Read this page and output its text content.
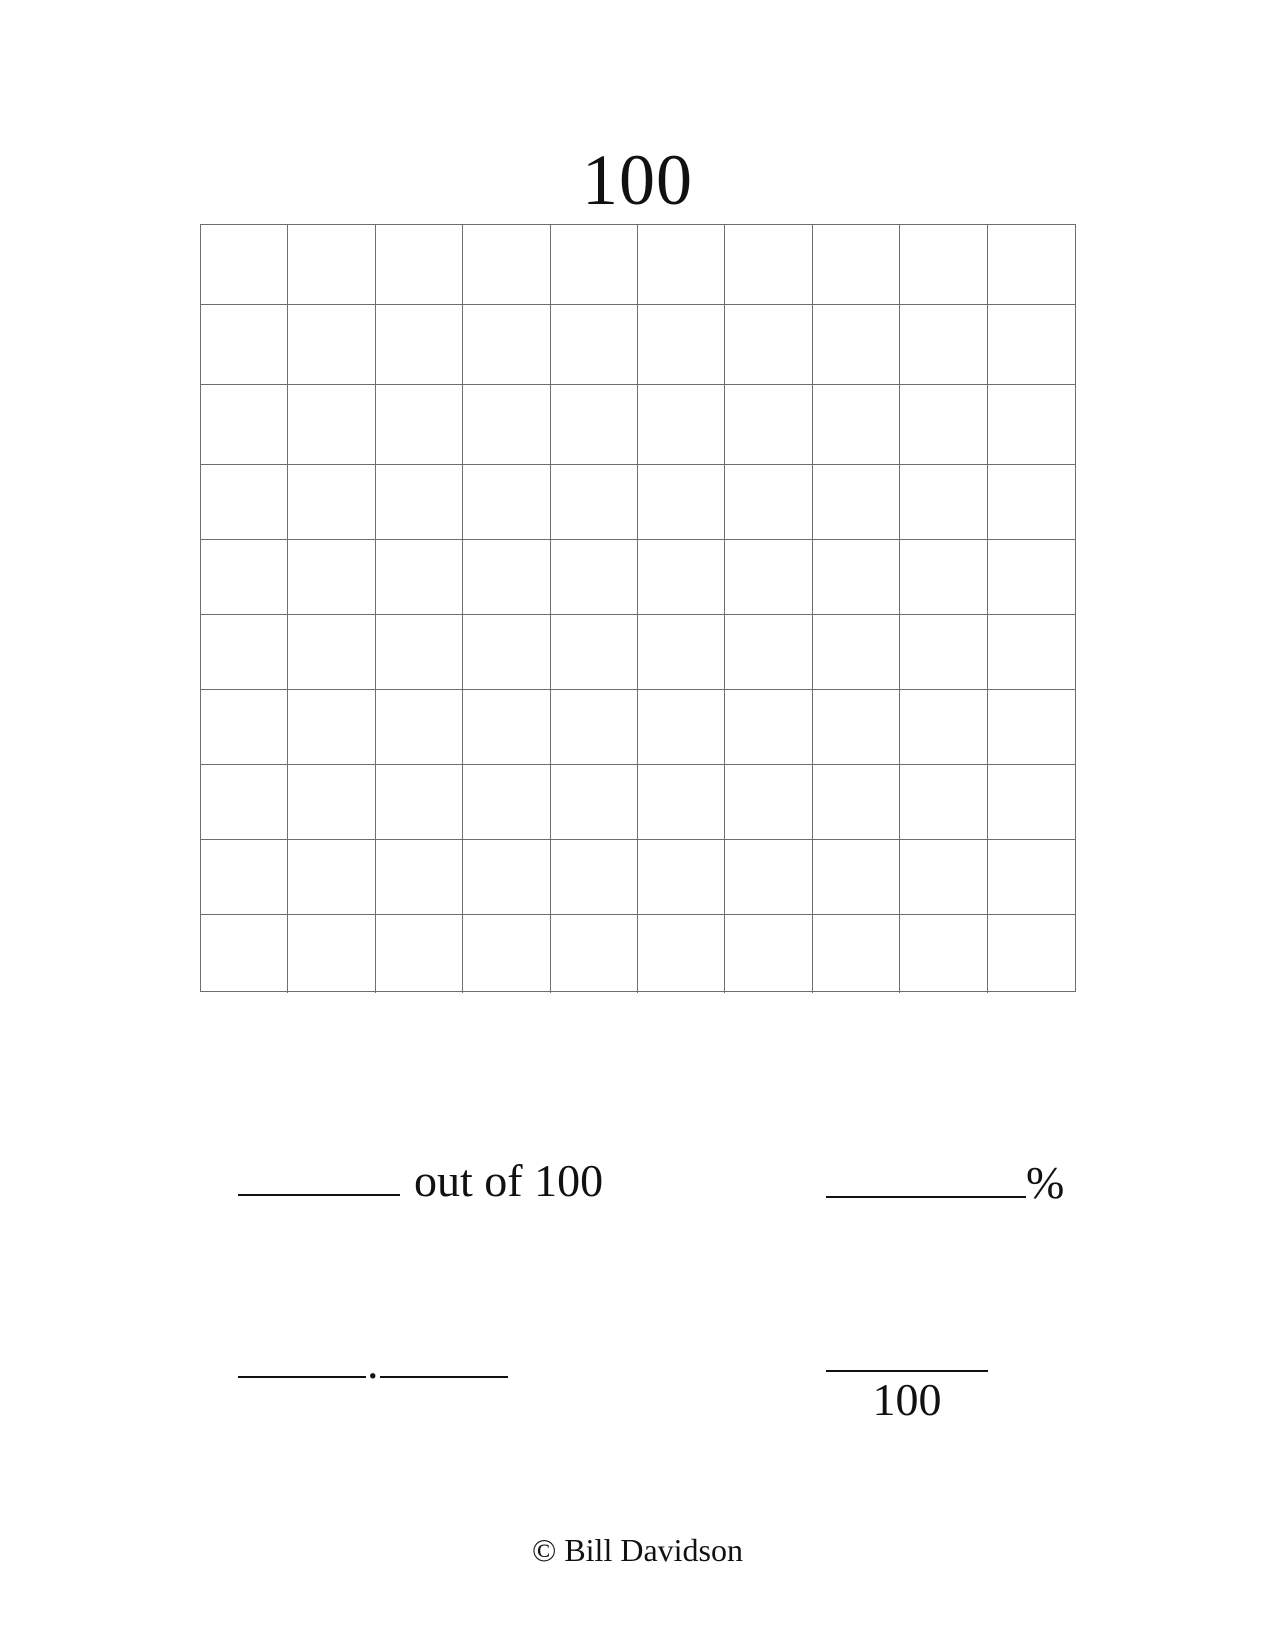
100
out of 100	%
.
100
© Bill Davidson
